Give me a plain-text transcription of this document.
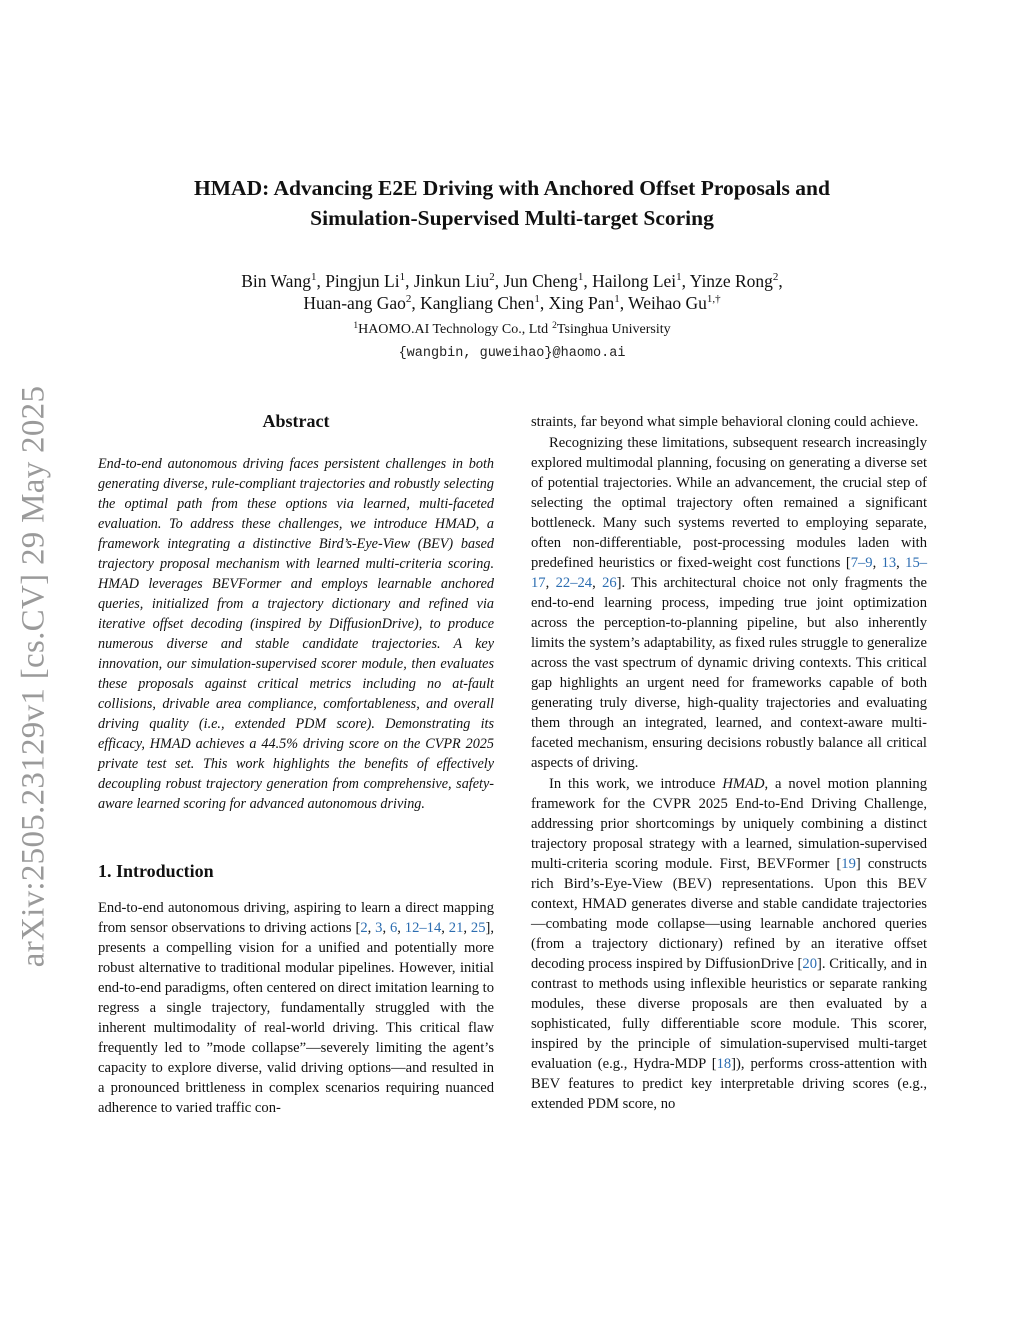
arXiv:2505.23129v1 [cs.CV] 29 May 2025
HMAD: Advancing E2E Driving with Anchored Offset Proposals and
Simulation-Supervised Multi-target Scoring
Bin Wang$^1$, Pingjun Li$^1$, Jinkun Liu$^2$, Jun Cheng$^1$, Hailong Lei$^1$, Yinze Rong$^2$,
Huan-ang Gao$^2$, Kangliang Chen$^1$, Xing Pan$^1$, Weihao $Gu^{1,\dagger}$
$^1$HAOMO.AI Technology Co., Ltd $^2$Tsinghua University
{wangbin, guweihao}@haomo.ai
Abstract

End-to-end autonomous driving faces persistent challenges in both generating diverse, rule-compliant trajectories and robustly selecting the optimal path from these options via learned, multi-faceted evaluation. To address these challenges, we introduce HMAD, a framework integrating a distinctive Bird’s-Eye-View (BEV) based trajectory proposal mechanism with learned multi-criteria scoring. HMAD leverages BEVFormer and employs learnable anchored queries, initialized from a trajectory dictionary and refined via iterative offset decoding (inspired by DiffusionDrive), to produce numerous diverse and stable candidate trajectories. A key innovation, our simulation-supervised scorer module, then evaluates these proposals against critical metrics including no at-fault collisions, drivable area compliance, comfortableness, and overall driving quality (i.e., extended PDM score). Demonstrating its efficacy, HMAD achieves a 44.5% driving score on the CVPR 2025 private test set. This work highlights the benefits of effectively decoupling robust trajectory generation from comprehensive, safety-aware learned scoring for advanced autonomous driving.

1. Introduction

End-to-end autonomous driving, aspiring to learn a direct mapping from sensor observations to driving actions [2, 3, 6, 12–14, 21, 25], presents a compelling vision for a unified and potentially more robust alternative to traditional modular pipelines. However, initial end-to-end paradigms, often centered on direct imitation learning to regress a single trajectory, fundamentally struggled with the inherent multimodality of real-world driving. This critical flaw frequently led to ”mode collapse”—severely limiting the agent’s capacity to explore diverse, valid driving options—and resulted in a pronounced brittleness in complex scenarios requiring nuanced adherence to varied traffic con-

straints, far beyond what simple behavioral cloning could achieve.

Recognizing these limitations, subsequent research increasingly explored multimodal planning, focusing on generating a diverse set of potential trajectories. While an advancement, the crucial step of selecting the optimal trajectory often remained a significant bottleneck. Many such systems reverted to employing separate, often non-differentiable, post-processing modules laden with predefined heuristics or fixed-weight cost functions [7–9, 13, 15–17, 22–24, 26]. This architectural choice not only fragments the end-to-end learning process, impeding true joint optimization across the perception-to-planning pipeline, but also inherently limits the system’s adaptability, as fixed rules struggle to generalize across the vast spectrum of dynamic driving contexts. This critical gap highlights an urgent need for frameworks capable of both generating truly diverse, high-quality trajectories and evaluating them through an integrated, learned, and context-aware multi-faceted mechanism, ensuring decisions robustly balance all critical aspects of driving.

In this work, we introduce HMAD, a novel motion planning framework for the CVPR 2025 End-to-End Driving Challenge, addressing prior shortcomings by uniquely combining a distinct trajectory proposal strategy with a learned, simulation-supervised multi-criteria scoring module. First, BEVFormer [19] constructs rich Bird’s-Eye-View (BEV) representations. Upon this BEV context, HMAD generates diverse and stable candidate trajectories—combating mode collapse—using learnable anchored queries (from a trajectory dictionary) refined by an iterative offset decoding process inspired by DiffusionDrive [20]. Critically, and in contrast to methods using inflexible heuristics or separate ranking modules, these diverse proposals are then evaluated by a sophisticated, fully differentiable score module. This scorer, inspired by the principle of simulation-supervised multi-target evaluation (e.g., Hydra-MDP [18]), performs cross-attention with BEV features to predict key interpretable driving scores (e.g., extended PDM score, no
